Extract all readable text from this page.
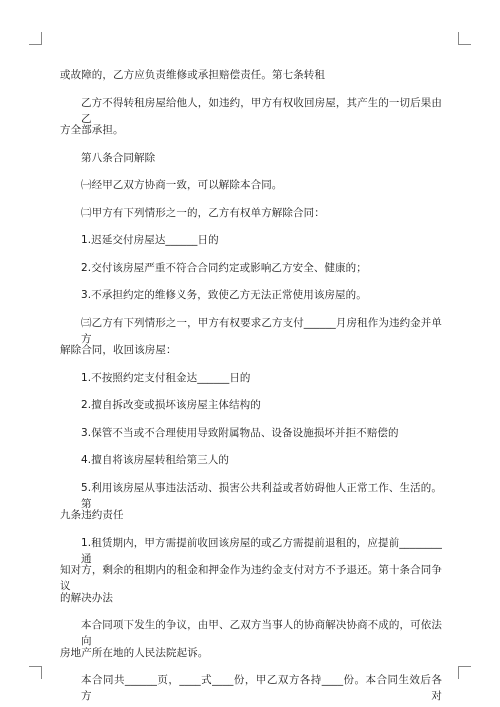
或故障的，乙方应负责维修或承担赔偿责任。第七条转租
乙方不得转租房屋给他人，如违约，甲方有权收回房屋，其产生的一切后果由乙
方全部承担。
第八条合同解除
㈠经甲乙双方协商一致，可以解除本合同。
㈡甲方有下列情形之一的，乙方有权单方解除合同：
1.迟延交付房屋达______日的
2.交付该房屋严重不符合合同约定或影响乙方安全、健康的；
3.不承担约定的维修义务，致使乙方无法正常使用该房屋的。
㈢乙方有下列情形之一，甲方有权要求乙方支付______月房租作为违约金并单方
解除合同，收回该房屋：
1.不按照约定支付租金达______日的
2.擅自拆改变或损坏该房屋主体结构的
3.保管不当或不合理使用导致附属物品、设备设施损坏并拒不赔偿的
4.擅自将该房屋转租给第三人的
5.利用该房屋从事违法活动、损害公共利益或者妨碍他人正常工作、生活的。第
九条违约责任
1.租赁期内，甲方需提前收回该房屋的或乙方需提前退租的，应提前________通
知对方，剩余的租期内的租金和押金作为违约金支付对方不予退还。第十条合同争议
的解决办法
本合同项下发生的争议，由甲、乙双方当事人的协商解决协商不成的，可依法向
房地产所在地的人民法院起诉。
本合同共______页，____式____份，甲乙双方各持____份。本合同生效后各方对
